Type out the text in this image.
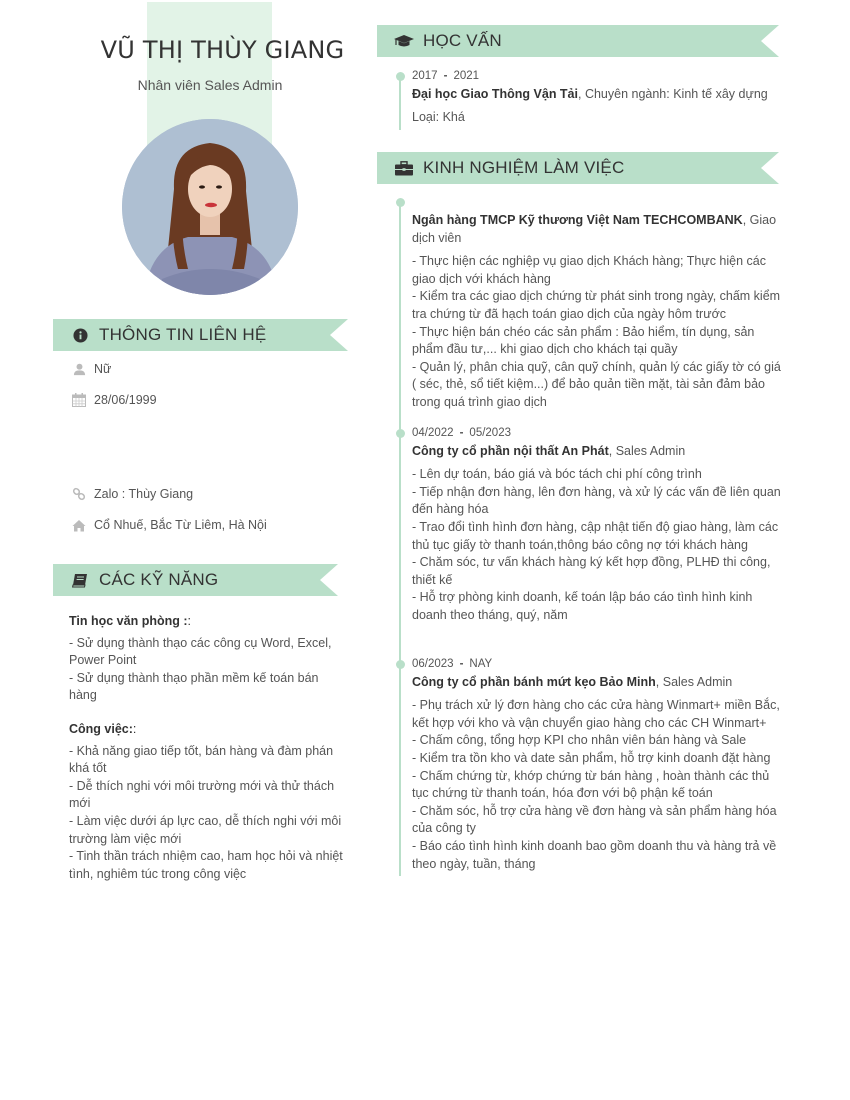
VŨ THỊ THÙY GIANG
Nhân viên Sales Admin
THÔNG TIN LIÊN HỆ
Nữ
28/06/1999
Zalo : Thùy Giang
Cổ Nhuế, Bắc Từ Liêm, Hà Nội
CÁC KỸ NĂNG
Tin học văn phòng ::
- Sử dụng thành thạo các công cụ Word, Excel, Power Point
- Sử dụng thành thạo phần mềm kế toán bán hàng
Công việc::
- Khả năng giao tiếp tốt, bán hàng và đàm phán khá tốt
- Dễ thích nghi với môi trường mới và thử thách mới
- Làm việc dưới áp lực cao, dễ thích nghi với môi trường làm việc mới
- Tinh thần trách nhiệm cao, ham học hỏi và nhiệt tình, nghiêm túc trong công việc
HỌC VẤN
2017 - 2021
Đại học Giao Thông Vận Tải, Chuyên ngành: Kinh tế xây dựng
Loại: Khá
KINH NGHIỆM LÀM VIỆC
Ngân hàng TMCP Kỹ thương Việt Nam TECHCOMBANK, Giao dịch viên
- Thực hiện các nghiệp vụ giao dịch Khách hàng; Thực hiện các giao dịch với khách hàng
- Kiểm tra các giao dịch chứng từ phát sinh trong ngày, chấm kiểm tra chứng từ đã hạch toán giao dịch của ngày hôm trước
- Thực hiện bán chéo các sản phẩm : Bảo hiểm, tín dụng, sản phẩm đầu tư,... khi giao dịch cho khách tại quầy
- Quản lý, phân chia quỹ, cân quỹ chính, quản lý các giấy tờ có giá ( séc, thẻ, sổ tiết kiệm...) để bảo quản tiền mặt, tài sản đảm bảo trong quá trình giao dịch
04/2022 - 05/2023
Công ty cổ phần nội thất An Phát, Sales Admin
- Lên dự toán, báo giá và bóc tách chi phí công trình
- Tiếp nhận đơn hàng, lên đơn hàng, và xử lý các vấn đề liên quan đến hàng hóa
- Trao đổi tình hình đơn hàng, cập nhật tiến độ giao hàng, làm các thủ tục giấy tờ thanh toán,thông báo công nợ tới khách hàng
- Chăm sóc, tư vấn khách hàng ký kết hợp đồng, PLHĐ thi công, thiết kế
- Hỗ trợ phòng kinh doanh, kế toán lập báo cáo tình hình kinh doanh theo tháng, quý, năm
06/2023 - NAY
Công ty cổ phần bánh mứt kẹo Bảo Minh, Sales Admin
- Phụ trách xử lý đơn hàng cho các cửa hàng Winmart+ miền Bắc, kết hợp với kho và vận chuyển giao hàng cho các CH Winmart+
- Chấm công, tổng hợp KPI cho nhân viên bán hàng và Sale
- Kiểm tra tồn kho và date sản phẩm, hỗ trợ kinh doanh đặt hàng
- Chấm chứng từ, khớp chứng từ bán hàng , hoàn thành các thủ tục chứng từ thanh toán, hóa đơn với bộ phận kế toán
- Chăm sóc, hỗ trợ cửa hàng về đơn hàng và sản phẩm hàng hóa của công ty
- Báo cáo tình hình kinh doanh bao gồm doanh thu và hàng trả về theo ngày, tuần, tháng
